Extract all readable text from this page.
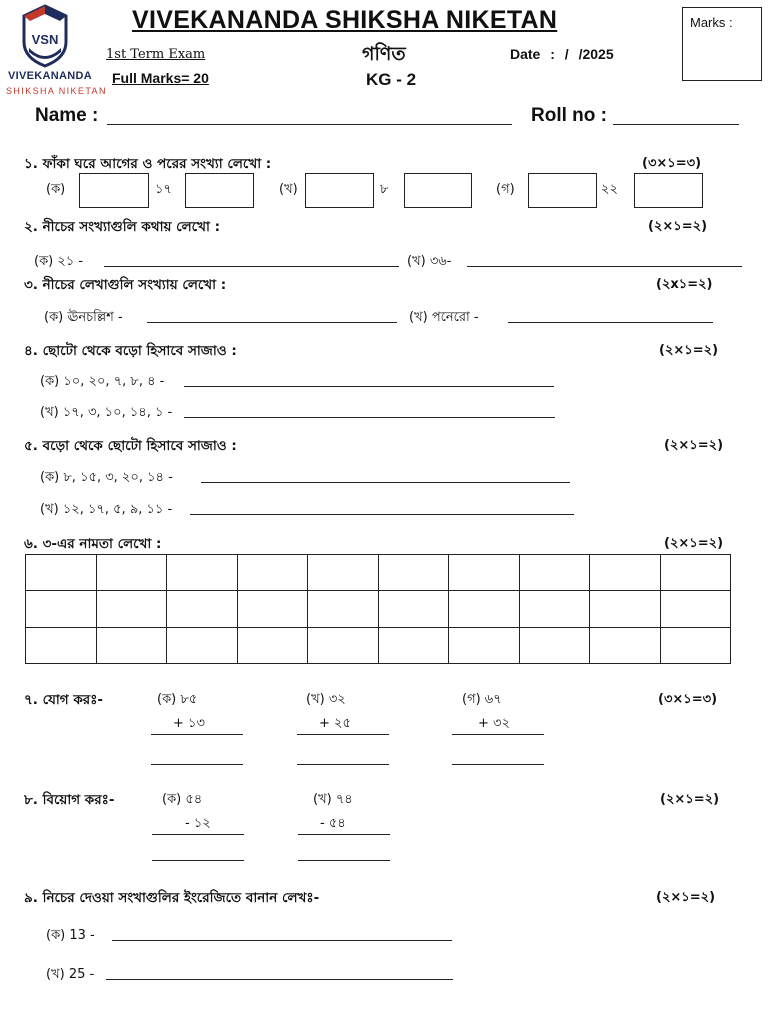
VSN
VIVEKANANDA
SHIKSHA NIKETAN
VIVEKANANDA SHIKSHA NIKETAN
1st Term Exam
Full Marks= 20
গণিত
KG - 2
Date : / /2025
Marks :
Name :	Roll no :
১. ফাঁকা ঘরে আগের ও পরের সংখ্যা লেখো :	(৩×১=৩)
(ক)	১৭	(খ)	৮	(গ)	২২
২. নীচের সংখ্যাগুলি কথায় লেখো :	(২×১=২)
(ক) ২১ -	(খ) ৩৬-
৩. নীচের লেখাগুলি সংখ্যায় লেখো :	(২x১=২)
(ক) ঊনচল্লিশ -	(খ) পনেরো -
৪. ছোটো থেকে বড়ো হিসাবে সাজাও :	(২×১=২)
(ক) ১০, ২০, ৭, ৮, ৪ -
(খ) ১৭, ৩, ১০, ১৪, ১ -
৫. বড়ো থেকে ছোটো হিসাবে সাজাও :	(২×১=২)
(ক) ৮, ১৫, ৩, ২০, ১৪ -
(খ) ১২, ১৭, ৫, ৯, ১১ -
৬. ৩-এর নামতা লেখো :	(২×১=২)

৭. যোগ করঃ-	(৩×১=৩)
(ক) ৮৫
+ ১৩
(খ) ৩২
+ ২৫
(গ) ৬৭
+ ৩২
৮. বিয়োগ করঃ-	(২×১=২)
(ক) ৫৪
- ১২
(খ) ৭৪
- ৫৪
৯. নিচের দেওয়া সংখাগুলির ইংরেজিতে বানান লেখঃ-	(২×১=২)
(ক) 13 -
(খ) 25 -
